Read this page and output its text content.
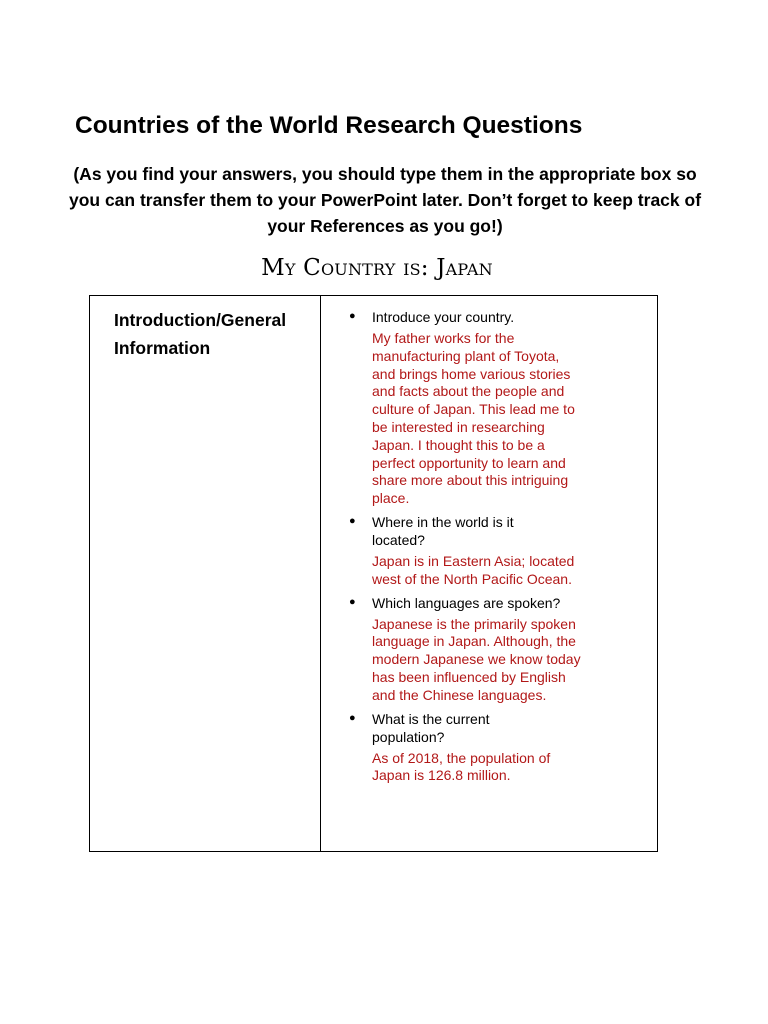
Countries of the World Research Questions

(As you find your answers, you should type them in the appropriate box so you can transfer them to your PowerPoint later. Don’t forget to keep track of your References as you go!)

My Country is: Japan

Introduction/General Information
● Introduce your country.
My father works for the manufacturing plant of Toyota, and brings home various stories and facts about the people and culture of Japan. This lead me to be interested in researching Japan. I thought this to be a perfect opportunity to learn and share more about this intriguing place.
● Where in the world is it located?
Japan is in Eastern Asia; located west of the North Pacific Ocean.
● Which languages are spoken?
Japanese is the primarily spoken language in Japan. Although, the modern Japanese we know today has been influenced by English and the Chinese languages.
● What is the current population?
As of 2018, the population of Japan is 126.8 million.
